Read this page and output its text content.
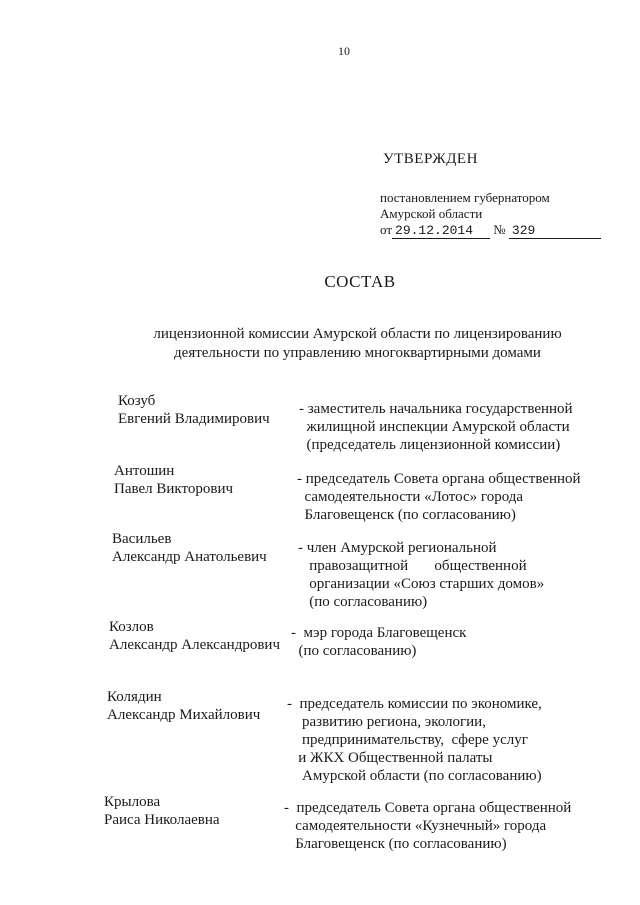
10
УТВЕРЖДЕН
постановлением губернатором
Амурской области
от 29.12.2014 № 329
СОСТАВ
лицензионной комиссии Амурской области по лицензированию
деятельности по управлению многоквартирными домами
Козуб
Евгений Владимирович
- заместитель начальника государственной
жилищной инспекции Амурской области
(председатель лицензионной комиссии)
Антошин
Павел Викторович
- председатель Совета органа общественной
самодеятельности «Лотос» города
Благовещенск (по согласованию)
Васильев
Александр Анатольевич
- член Амурской региональной
правозащитной       общественной
организации «Союз старших домов»
(по согласованию)
Козлов
Александр Александрович
-  мэр города Благовещенск
(по согласованию)
Колядин
Александр Михайлович
-  председатель комиссии по экономике,
развитию региона, экологии,
предпринимательству,  сфере услуг
и ЖКХ Общественной палаты
Амурской области (по согласованию)
Крылова
Раиса Николаевна
-  председатель Совета органа общественной
самодеятельности «Кузнечный» города
Благовещенск (по согласованию)
